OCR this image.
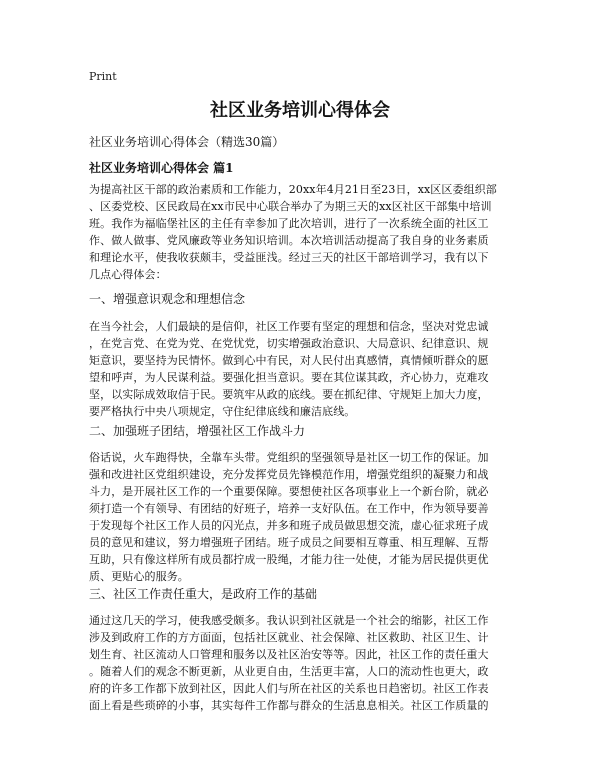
Print
社区业务培训心得体会

社区业务培训心得体会（精选30篇）

社区业务培训心得体会 篇1

为提高社区干部的政治素质和工作能力，20xx年4月21日至23日，xx区区委组织部
、区委党校、区民政局在xx市民中心联合举办了为期三天的xx区社区干部集中培训
班。我作为福临堡社区的主任有幸参加了此次培训，进行了一次系统全面的社区工
作、做人做事、党风廉政等业务知识培训。本次培训活动提高了我自身的业务素质
和理论水平，使我收获颇丰，受益匪浅。经过三天的社区干部培训学习，我有以下
几点心得体会：

一、增强意识观念和理想信念

在当今社会，人们最缺的是信仰，社区工作要有坚定的理想和信念，坚决对党忠诚
，在党言党、在党为党、在党忧党，切实增强政治意识、大局意识、纪律意识、规
矩意识，要坚持为民情怀。做到心中有民，对人民付出真感情，真情倾听群众的愿
望和呼声，为人民谋利益。要强化担当意识。要在其位谋其政，齐心协力，克难攻
坚，以实际成效取信于民。要筑牢从政的底线。要在抓纪律、守规矩上加大力度，
要严格执行中央八项规定，守住纪律底线和廉洁底线。

二、加强班子团结，增强社区工作战斗力

俗话说，火车跑得快，全靠车头带。党组织的坚强领导是社区一切工作的保证。加
强和改进社区党组织建设，充分发挥党员先锋模范作用，增强党组织的凝聚力和战
斗力，是开展社区工作的一个重要保障。要想使社区各项事业上一个新台阶，就必
须打造一个有领导、有团结的好班子，培养一支好队伍。在工作中，作为领导要善
于发现每个社区工作人员的闪光点，并多和班子成员做思想交流，虚心征求班子成
员的意见和建议，努力增强班子团结。班子成员之间要相互尊重、相互理解、互帮
互助，只有像这样所有成员都拧成一股绳，才能力往一处使，才能为居民提供更优
质、更贴心的服务。

三、社区工作责任重大，是政府工作的基础

通过这几天的学习，使我感受颇多。我认识到社区就是一个社会的缩影，社区工作
涉及到政府工作的方方面面，包括社区就业、社会保障、社区救助、社区卫生、计
划生育、社区流动人口管理和服务以及社区治安等等。因此，社区工作的责任重大
。随着人们的观念不断更新，从业更自由，生活更丰富，人口的流动性也更大，政
府的许多工作都下放到社区，因此人们与所在社区的关系也日趋密切。社区工作表
面上看是些琐碎的小事，其实每件工作都与群众的生活息息相关。社区工作质量的
